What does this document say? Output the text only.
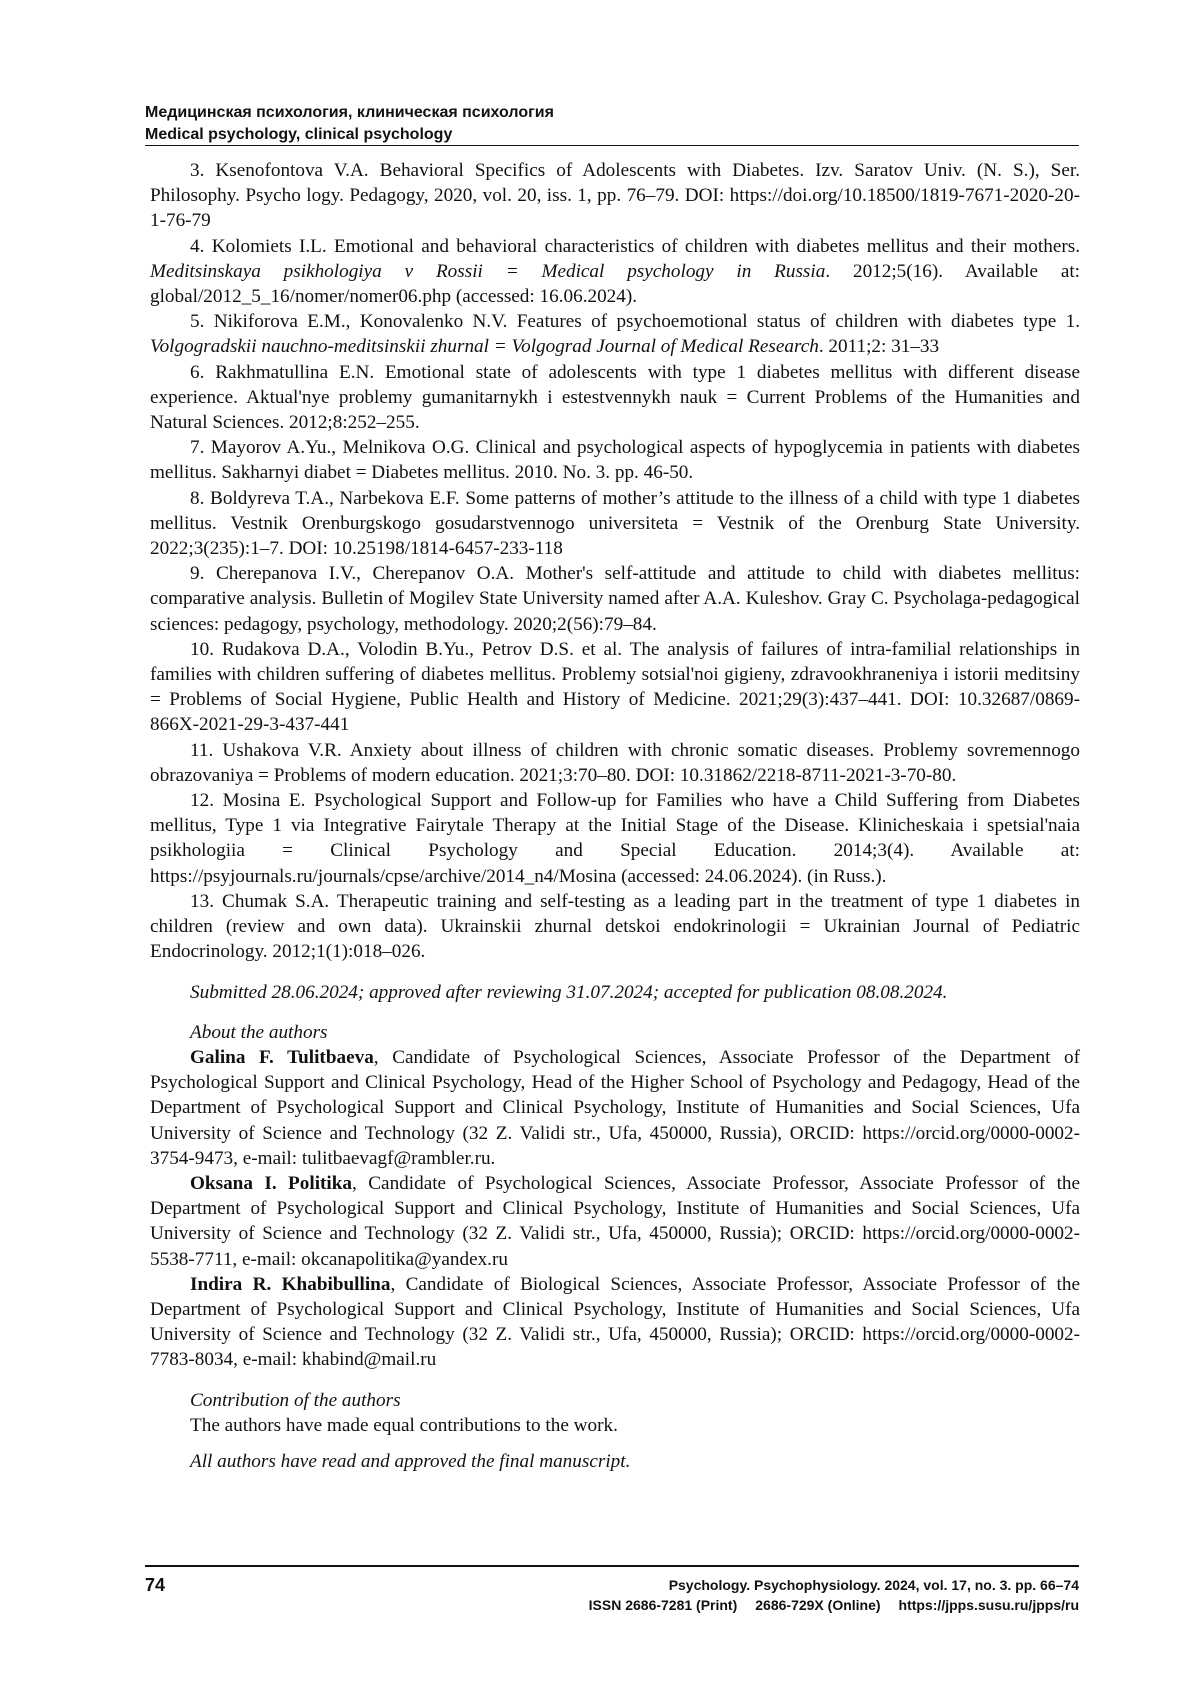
Медицинская психология, клиническая психология
Medical psychology, clinical psychology

3. Ksenofontova V.A. Behavioral Specifics of Adolescents with Diabetes. Izv. Saratov Univ. (N. S.), Ser. Philosophy. Psycho logy. Pedagogy, 2020, vol. 20, iss. 1, pp. 76–79. DOI: https://doi.org/10.18500/1819-7671-2020-20-1-76-79

4. Kolomiets I.L. Emotional and behavioral characteristics of children with diabetes mellitus and their mothers. Meditsinskaya psikhologiya v Rossii = Medical psychology in Russia. 2012;5(16). Available at: global/2012_5_16/nomer/nomer06.php (accessed: 16.06.2024).

5. Nikiforova E.M., Konovalenko N.V. Features of psychoemotional status of children with diabetes type 1. Volgogradskii nauchno-meditsinskii zhurnal = Volgograd Journal of Medical Research. 2011;2: 31–33

6. Rakhmatullina E.N. Emotional state of adolescents with type 1 diabetes mellitus with different disease experience. Aktual'nye problemy gumanitarnykh i estestvennykh nauk = Current Problems of the Humanities and Natural Sciences. 2012;8:252–255.

7. Mayorov A.Yu., Melnikova O.G. Clinical and psychological aspects of hypoglycemia in patients with diabetes mellitus. Sakharnyi diabet = Diabetes mellitus. 2010. No. 3. pp. 46-50.

8. Boldyreva T.A., Narbekova E.F. Some patterns of mother’s attitude to the illness of a child with type 1 diabetes mellitus. Vestnik Orenburgskogo gosudarstvennogo universiteta = Vestnik of the Orenburg State University. 2022;3(235):1–7. DOI: 10.25198/1814-6457-233-118

9. Cherepanova I.V., Cherepanov O.A. Mother's self-attitude and attitude to child with diabetes mellitus: comparative analysis. Bulletin of Mogilev State University named after A.A. Kuleshov. Gray C. Psycholaga-pedagogical sciences: pedagogy, psychology, methodology. 2020;2(56):79–84.

10. Rudakova D.A., Volodin B.Yu., Petrov D.S. et al. The analysis of failures of intra-familial relationships in families with children suffering of diabetes mellitus. Problemy sotsial'noi gigieny, zdravookhraneniya i istorii meditsiny = Problems of Social Hygiene, Public Health and History of Medicine. 2021;29(3):437–441. DOI: 10.32687/0869-866X-2021-29-3-437-441

11. Ushakova V.R. Anxiety about illness of children with chronic somatic diseases. Problemy sovremennogo obrazovaniya = Problems of modern education. 2021;3:70–80. DOI: 10.31862/2218-8711-2021-3-70-80.

12. Mosina E. Psychological Support and Follow-up for Families who have a Child Suffering from Diabetes mellitus, Type 1 via Integrative Fairytale Therapy at the Initial Stage of the Disease. Klinicheskaia i spetsial'naia psikhologiia = Clinical Psychology and Special Education. 2014;3(4). Available at: https://psyjournals.ru/journals/cpse/archive/2014_n4/Mosina (accessed: 24.06.2024). (in Russ.).

13. Chumak S.A. Therapeutic training and self-testing as a leading part in the treatment of type 1 diabetes in children (review and own data). Ukrainskii zhurnal detskoi endokrinologii = Ukrainian Journal of Pediatric Endocrinology. 2012;1(1):018–026.

Submitted 28.06.2024; approved after reviewing 31.07.2024; accepted for publication 08.08.2024.

About the authors

Galina F. Tulitbaeva, Candidate of Psychological Sciences, Associate Professor of the Department of Psychological Support and Clinical Psychology, Head of the Higher School of Psychology and Pedagogy, Head of the Department of Psychological Support and Clinical Psychology, Institute of Humanities and Social Sciences, Ufa University of Science and Technology (32 Z. Validi str., Ufa, 450000, Russia), ORCID: https://orcid.org/0000-0002-3754-9473, e-mail: tulitbaevagf@rambler.ru.

Oksana I. Politika, Candidate of Psychological Sciences, Associate Professor, Associate Professor of the Department of Psychological Support and Clinical Psychology, Institute of Humanities and Social Sciences, Ufa University of Science and Technology (32 Z. Validi str., Ufa, 450000, Russia); ORCID: https://orcid.org/0000-0002-5538-7711, e-mail: okcanapolitika@yandex.ru

Indira R. Khabibullina, Candidate of Biological Sciences, Associate Professor, Associate Professor of the Department of Psychological Support and Clinical Psychology, Institute of Humanities and Social Sciences, Ufa University of Science and Technology (32 Z. Validi str., Ufa, 450000, Russia); ORCID: https://orcid.org/0000-0002-7783-8034, e-mail: khabind@mail.ru

Contribution of the authors

The authors have made equal contributions to the work.

All authors have read and approved the final manuscript.

74	Psychology. Psychophysiology. 2024, vol. 17, no. 3. pp. 66–74
ISSN 2686-7281 (Print) 2686-729X (Online) https://jpps.susu.ru/jpps/ru
